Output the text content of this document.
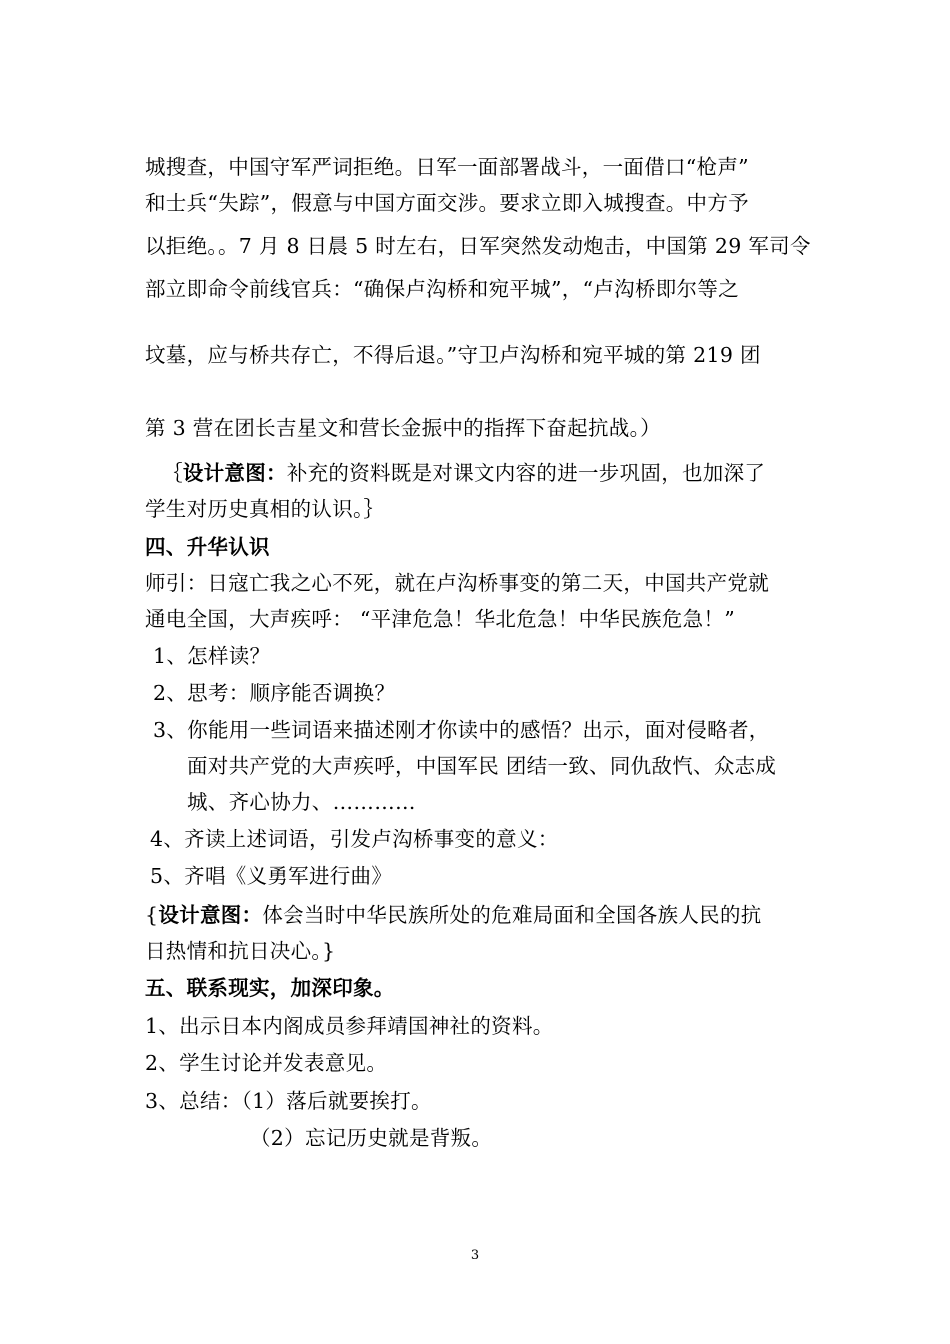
城搜查，中国守军严词拒绝。日军一面部署战斗，一面借口“枪声”
和士兵“失踪”，假意与中国方面交涉。要求立即入城搜查。中方予
以拒绝。。7 月 8 日晨 5 时左右，日军突然发动炮击，中国第 29 军司令
部立即命令前线官兵：“确保卢沟桥和宛平城”，“卢沟桥即尔等之
坟墓，应与桥共存亡，不得后退。”守卫卢沟桥和宛平城的第 219 团
第 3 营在团长吉星文和营长金振中的指挥下奋起抗战。）
｛设计意图：补充的资料既是对课文内容的进一步巩固，也加深了
学生对历史真相的认识。｝
四、升华认识
师引：日寇亡我之心不死，就在卢沟桥事变的第二天，中国共产党就
通电全国，大声疾呼： “平津危急！华北危急！中华民族危急！”
1、怎样读？
2、思考：顺序能否调换？
3、你能用一些词语来描述刚才你读中的感悟？出示，面对侵略者，
面对共产党的大声疾呼，中国军民 团结一致、同仇敌忾、众志成
城、齐心协力、…………
4、齐读上述词语，引发卢沟桥事变的意义：
5、齐唱《义勇军进行曲》
{设计意图：体会当时中华民族所处的危难局面和全国各族人民的抗
日热情和抗日决心。}
五、联系现实，加深印象。
1、出示日本内阁成员参拜靖国神社的资料。
2、学生讨论并发表意见。
3、总结：（1）落后就要挨打。
（2）忘记历史就是背叛。
3
